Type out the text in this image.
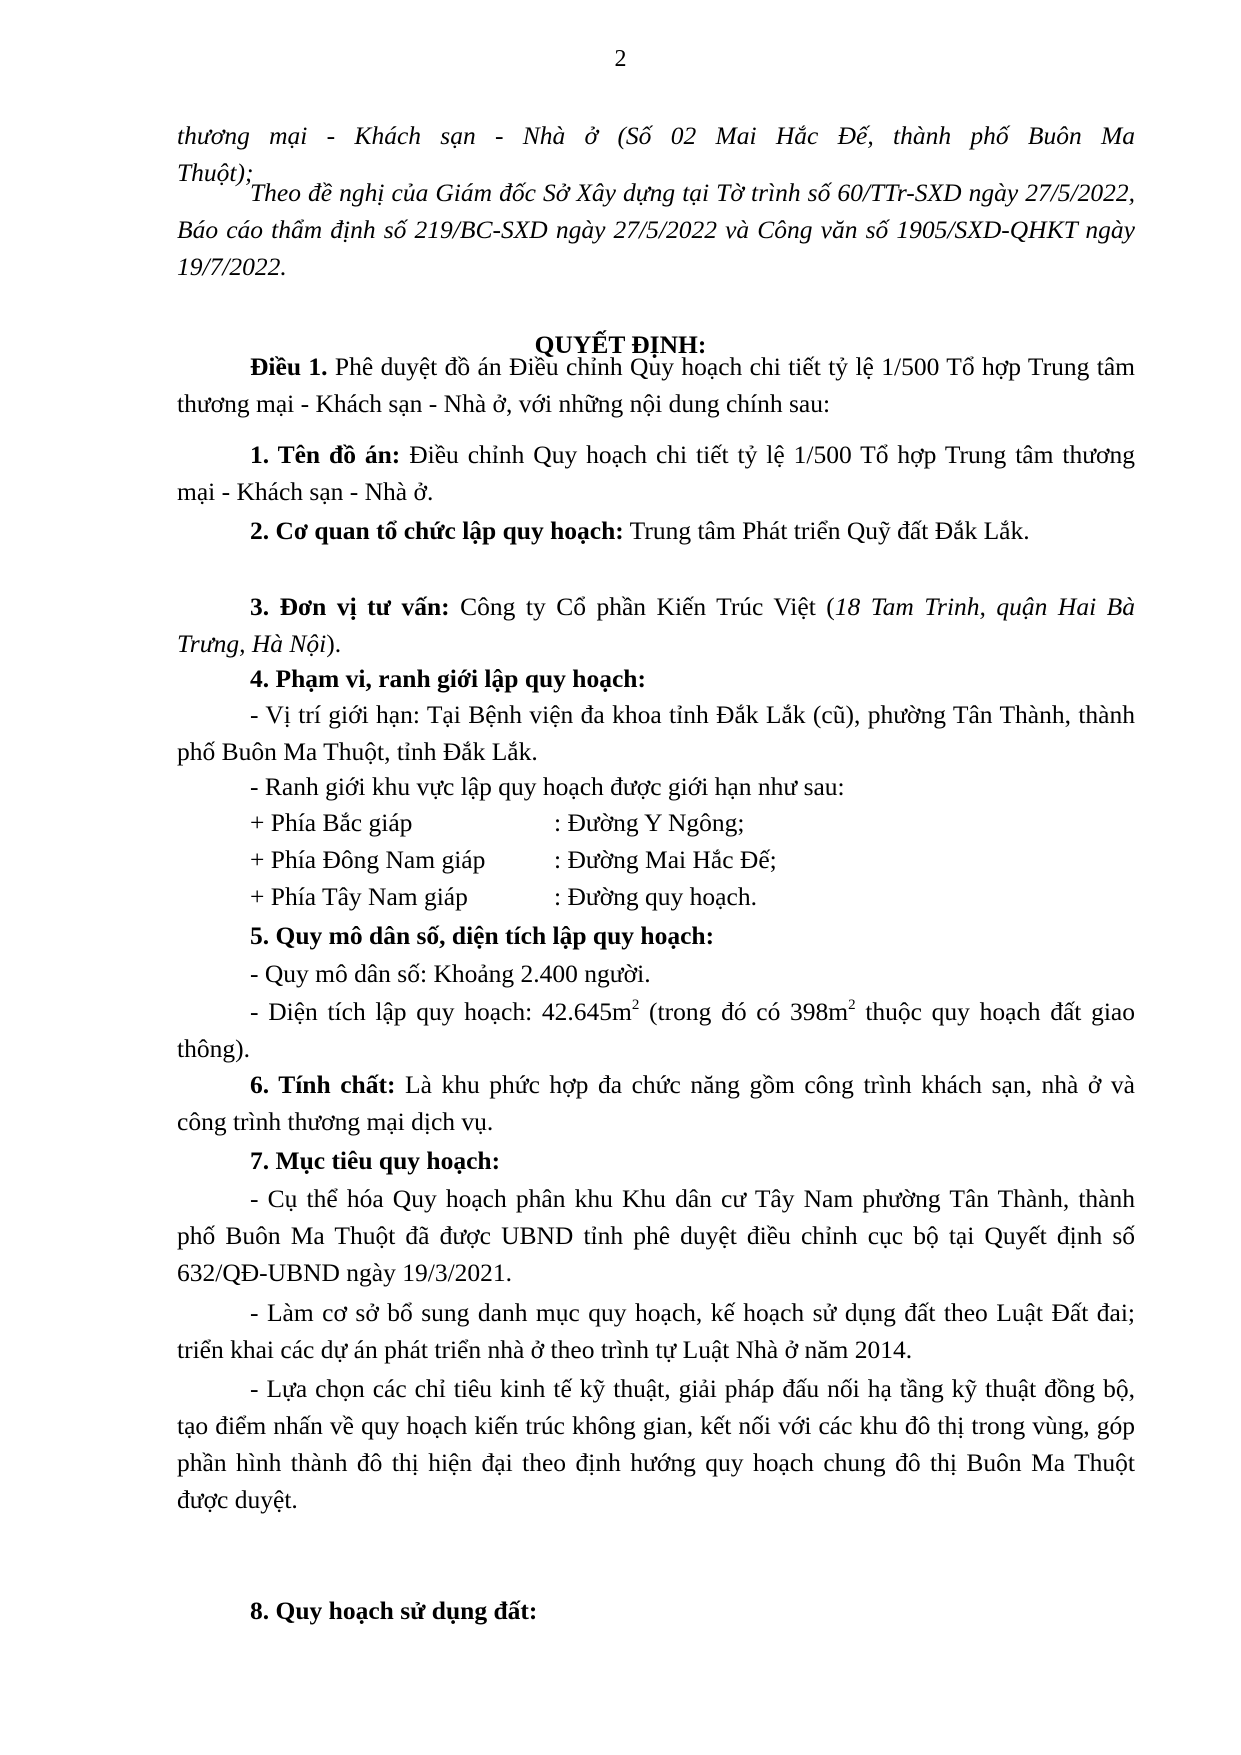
2

thương mại - Khách sạn - Nhà ở (Số 02 Mai Hắc Đế, thành phố Buôn Ma

Thuột);

Theo đề nghị của Giám đốc Sở Xây dựng tại Tờ trình số 60/TTr-SXD ngày 27/5/2022, Báo cáo thẩm định số 219/BC-SXD ngày 27/5/2022 và Công văn số 1905/SXD-QHKT ngày 19/7/2022.

QUYẾT ĐỊNH:

Điều 1. Phê duyệt đồ án Điều chỉnh Quy hoạch chi tiết tỷ lệ 1/500 Tổ hợp Trung tâm thương mại - Khách sạn - Nhà ở, với những nội dung chính sau:

1. Tên đồ án: Điều chỉnh Quy hoạch chi tiết tỷ lệ 1/500 Tổ hợp Trung tâm thương mại - Khách sạn - Nhà ở.

2. Cơ quan tổ chức lập quy hoạch: Trung tâm Phát triển Quỹ đất Đắk Lắk.

3. Đơn vị tư vấn: Công ty Cổ phần Kiến Trúc Việt (18 Tam Trinh, quận Hai Bà Trưng, Hà Nội).

4. Phạm vi, ranh giới lập quy hoạch:

- Vị trí giới hạn: Tại Bệnh viện đa khoa tỉnh Đắk Lắk (cũ), phường Tân Thành, thành phố Buôn Ma Thuột, tỉnh Đắk Lắk.

- Ranh giới khu vực lập quy hoạch được giới hạn như sau:

+ Phía Bắc giáp	: Đường Y Ngông;
+ Phía Đông Nam giáp	: Đường Mai Hắc Đế;
+ Phía Tây Nam giáp	: Đường quy hoạch.

5. Quy mô dân số, diện tích lập quy hoạch:

- Quy mô dân số: Khoảng 2.400 người.

- Diện tích lập quy hoạch: $42.645m^2$ (trong đó có $398m^2$ thuộc quy hoạch đất giao thông).

6. Tính chất: Là khu phức hợp đa chức năng gồm công trình khách sạn, nhà ở và công trình thương mại dịch vụ.

7. Mục tiêu quy hoạch:

- Cụ thể hóa Quy hoạch phân khu Khu dân cư Tây Nam phường Tân Thành, thành phố Buôn Ma Thuột đã được UBND tỉnh phê duyệt điều chỉnh cục bộ tại Quyết định số 632/QĐ-UBND ngày 19/3/2021.

- Làm cơ sở bổ sung danh mục quy hoạch, kế hoạch sử dụng đất theo Luật Đất đai; triển khai các dự án phát triển nhà ở theo trình tự Luật Nhà ở năm 2014.

- Lựa chọn các chỉ tiêu kinh tế kỹ thuật, giải pháp đấu nối hạ tầng kỹ thuật đồng bộ, tạo điểm nhấn về quy hoạch kiến trúc không gian, kết nối với các khu đô thị trong vùng, góp phần hình thành đô thị hiện đại theo định hướng quy hoạch chung đô thị Buôn Ma Thuột được duyệt.

8. Quy hoạch sử dụng đất:
